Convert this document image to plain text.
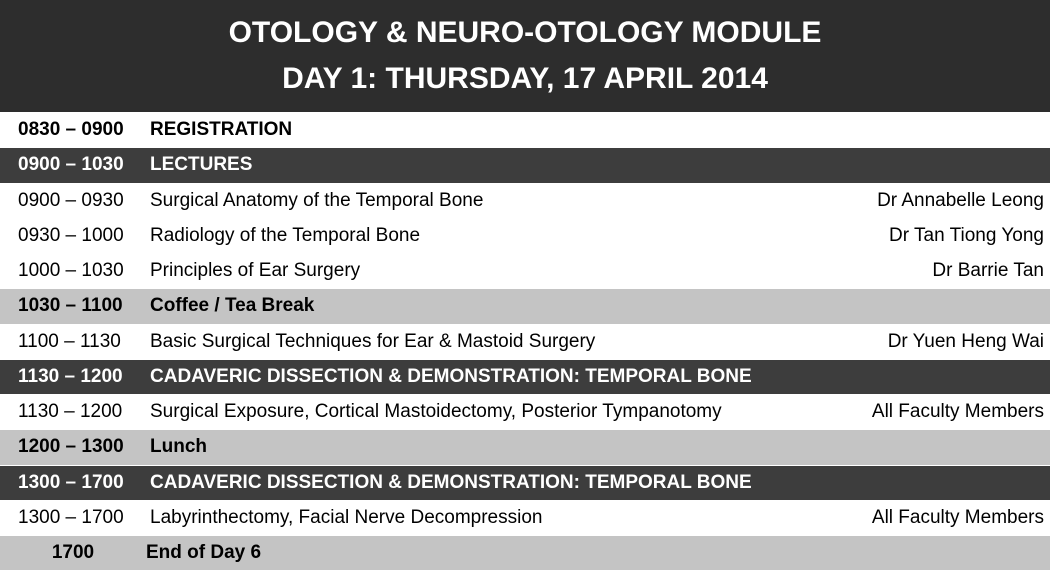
OTOLOGY & NEURO-OTOLOGY MODULE
DAY 1: THURSDAY, 17 APRIL 2014
0830 – 0900	REGISTRATION
0900 – 1030	LECTURES
0900 – 0930	Surgical Anatomy of the Temporal Bone	Dr Annabelle Leong
0930 – 1000	Radiology of the Temporal Bone	Dr Tan Tiong Yong
1000 – 1030	Principles of Ear Surgery	Dr Barrie Tan
1030 – 1100	Coffee / Tea Break
1100 – 1130	Basic Surgical Techniques for Ear & Mastoid Surgery	Dr Yuen Heng Wai
1130 – 1200	CADAVERIC DISSECTION & DEMONSTRATION: TEMPORAL BONE
1130 – 1200	Surgical Exposure, Cortical Mastoidectomy, Posterior Tympanotomy	All Faculty Members
1200 – 1300	Lunch
1300 – 1700	CADAVERIC DISSECTION & DEMONSTRATION: TEMPORAL BONE
1300 – 1700	Labyrinthectomy, Facial Nerve Decompression	All Faculty Members
1700	End of Day 6
